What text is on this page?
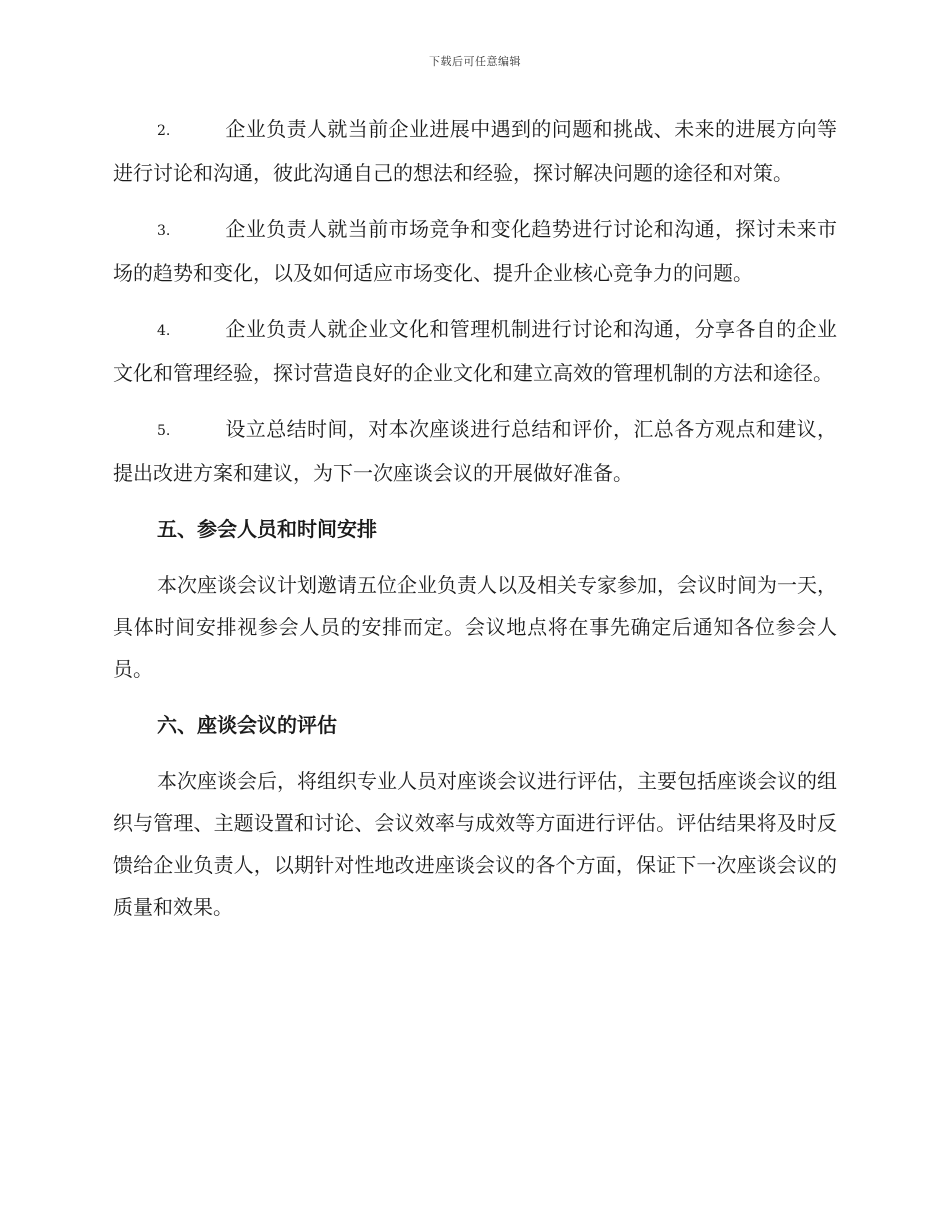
下载后可任意编辑

2.	企业负责人就当前企业进展中遇到的问题和挑战、未来的进展方向等进行讨论和沟通，彼此沟通自己的想法和经验，探讨解决问题的途径和对策。

3.	企业负责人就当前市场竞争和变化趋势进行讨论和沟通，探讨未来市场的趋势和变化，以及如何适应市场变化、提升企业核心竞争力的问题。

4.	企业负责人就企业文化和管理机制进行讨论和沟通，分享各自的企业文化和管理经验，探讨营造良好的企业文化和建立高效的管理机制的方法和途径。

5.	设立总结时间，对本次座谈进行总结和评价，汇总各方观点和建议，提出改进方案和建议，为下一次座谈会议的开展做好准备。

五、参会人员和时间安排

本次座谈会议计划邀请五位企业负责人以及相关专家参加，会议时间为一天，具体时间安排视参会人员的安排而定。会议地点将在事先确定后通知各位参会人员。

六、座谈会议的评估

本次座谈会后，将组织专业人员对座谈会议进行评估，主要包括座谈会议的组织与管理、主题设置和讨论、会议效率与成效等方面进行评估。评估结果将及时反馈给企业负责人，以期针对性地改进座谈会议的各个方面，保证下一次座谈会议的质量和效果。
